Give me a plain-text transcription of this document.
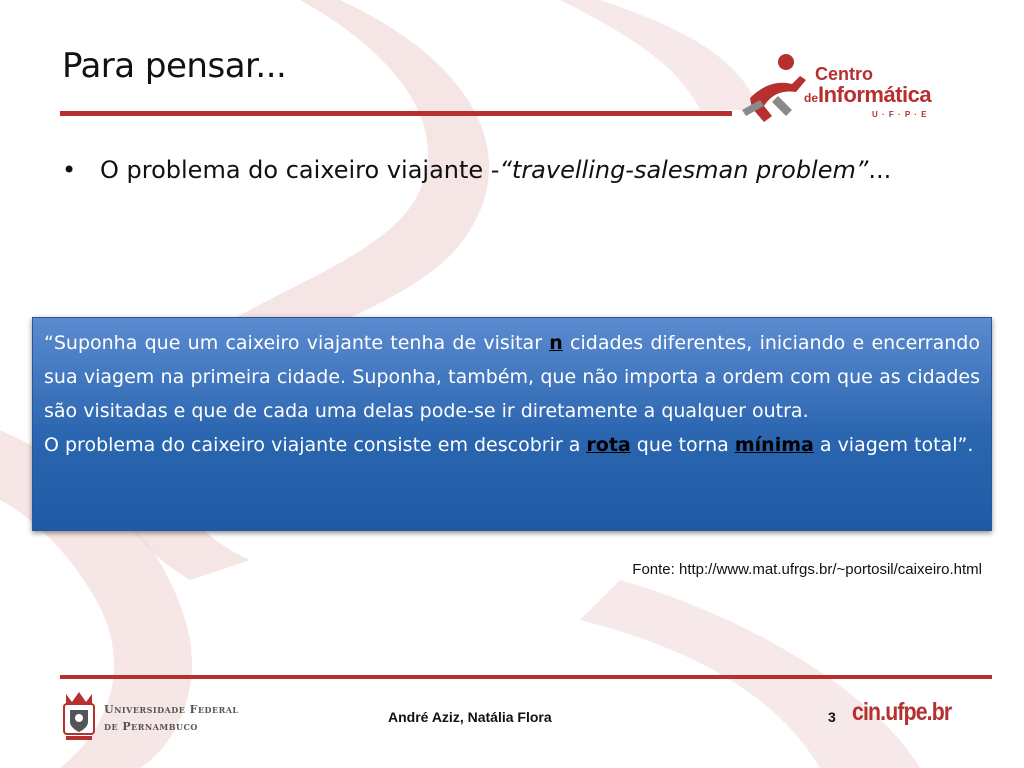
Para pensar...	Centro
de Informática
U · F · P · E
• O problema do caixeiro viajante -“travelling-salesman problem”...

“Suponha que um caixeiro viajante tenha de visitar n cidades diferentes, iniciando e encerrando sua viagem na primeira cidade. Suponha, também, que não importa a ordem com que as cidades são visitadas e que de cada uma delas pode-se ir diretamente a qualquer outra.

O problema do caixeiro viajante consiste em descobrir a rota que torna mínima a viagem total”.

Fonte: http://www.mat.ufrgs.br/~portosil/caixeiro.html
Universidade Federal
de Pernambuco
André Aziz, Natália Flora	3 cin.ufpe.br
